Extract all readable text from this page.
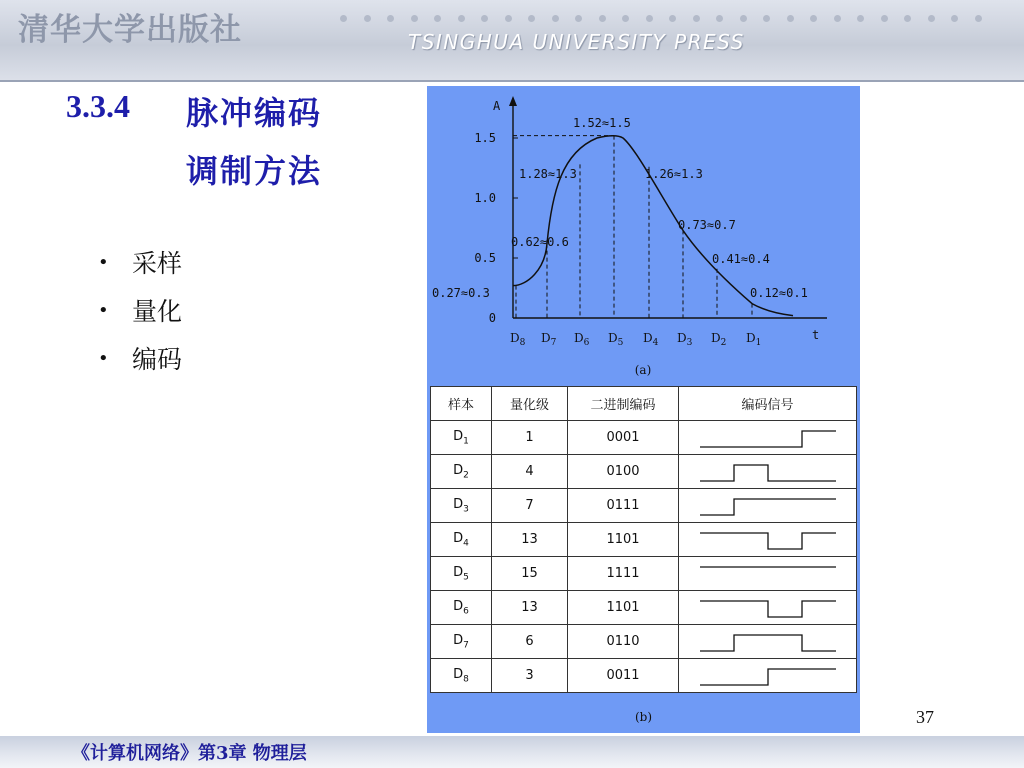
清华大学出版社	TSINGHUA UNIVERSITY PRESS
3.3.4 脉冲编码
调制方法
• 采样
• 量化
• 编码
A
t
0
0.5
1.0
1.5
1.52≈1.5
1.28≈1.3	1.26≈1.3
0.73≈0.7
0.62≈0.6
0.41≈0.4
0.27≈0.3	0.12≈0.1
$D_8$ $D_7$ $D_6$ $D_5$ $D_4$ $D_3$ $D_2$ $D_1$
(a)
样本	量化级	二进制编码	编码信号
$D_1$	1	0001	

$D_2$	4	0100	

$D_3$	7	0111	

$D_4$	13	1101	

$D_5$	15	1111	

$D_6$	13	1101	

$D_7$	6	0110	

$D_8$	3	0011	
(b)	37
《计算机网络》第3章 物理层
